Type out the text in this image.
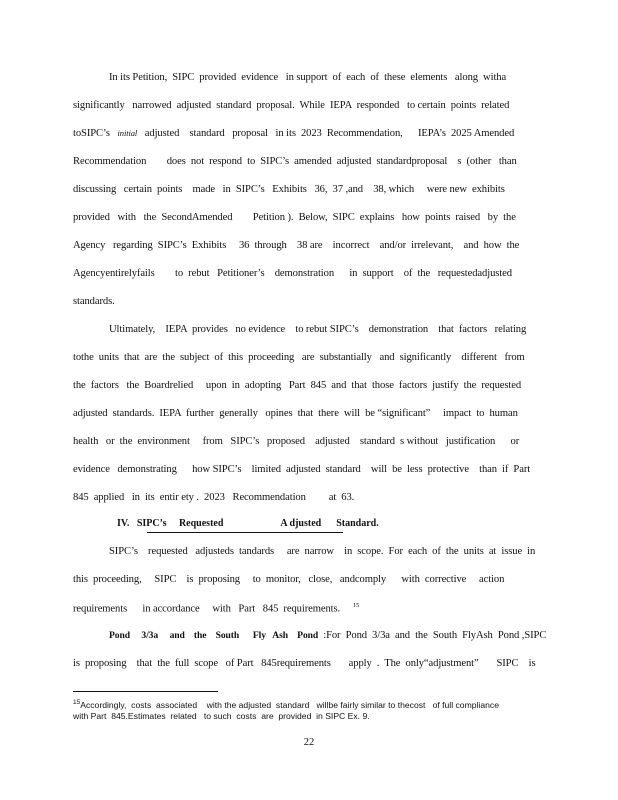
In its Petition,  SIPC  provided  evidence   in support  of  each  of  these  elements   along  witha
significantly   narrowed  adjusted  standard  proposal.  While  IEPA  responded   to certain  points  related
toSIPC’s   initial   adjusted    standard   proposal   in its  2023  Recommendation,      IEPA’s  2025 Amended
Recommendation        does  not  respond  to  SIPC’s  amended  adjusted  standardproposal    s  (other   than
discussing   certain  points    made   in  SIPC’s   Exhibits   36,  37 ,and    38, which     were new  exhibits
provided   with   the  SecondAmended        Petition ).  Below,  SIPC  explains   how  points  raised   by  the
Agency   regarding  SIPC’s  Exhibits     36  through    38 are    incorrect    and/or  irrelevant,    and  how  the
Agencyentirelyfails        to  rebut   Petitioner’s    demonstration      in  support    of  the   requestedadjusted
standards.
Ultimately,    IEPA  provides   no evidence    to rebut SIPC’s    demonstration    that  factors   relating
tothe  units  that  are  the  subject  of  this  proceeding   are  substantially   and  significantly    different   from
the  factors   the  Boardrelied     upon  in  adopting   Part  845  and  that  those  factors  justify  the  requested
adjusted  standards.  IEPA  further  generally   opines  that  there  will  be “significant”     impact  to  human
health   or  the  environment     from   SIPC’s   proposed    adjusted    standard  s without   justification      or
evidence   demonstrating      how SIPC’s    limited  adjusted  standard    will  be  less  protective    than  if  Part
845  applied   in  its  entir ety .  2023   Recommendation         at  63.
IV.   SIPC’s     Requested                       A djusted      Standard.
SIPC’s    requested   adjusteds  tandards     are  narrow    in  scope.  For  each  of  the  units  at  issue  in
this  proceeding,     SIPC    is  proposing     to  monitor,   close,   andcomply      with  corrective     action
requirements      in accordance     with   Part   845  requirements. $^{15}$
Pond     3/3a     and    the    South      Fly   Ash    Pond  :For  Pond  3/3a  and  the  South  FlyAsh  Pond ,SIPC
is  proposing    that  the  full  scope   of Part   845requirements       apply  .  The  only“adjustment”       SIPC    is
$^{15}$Accordingly,  costs  associated    with the adjusted  standard   willbe fairly similar to thecost   of full compliance
with Part  845.Estimates  related   to such  costs  are  provided  in SIPC Ex. 9.
22
